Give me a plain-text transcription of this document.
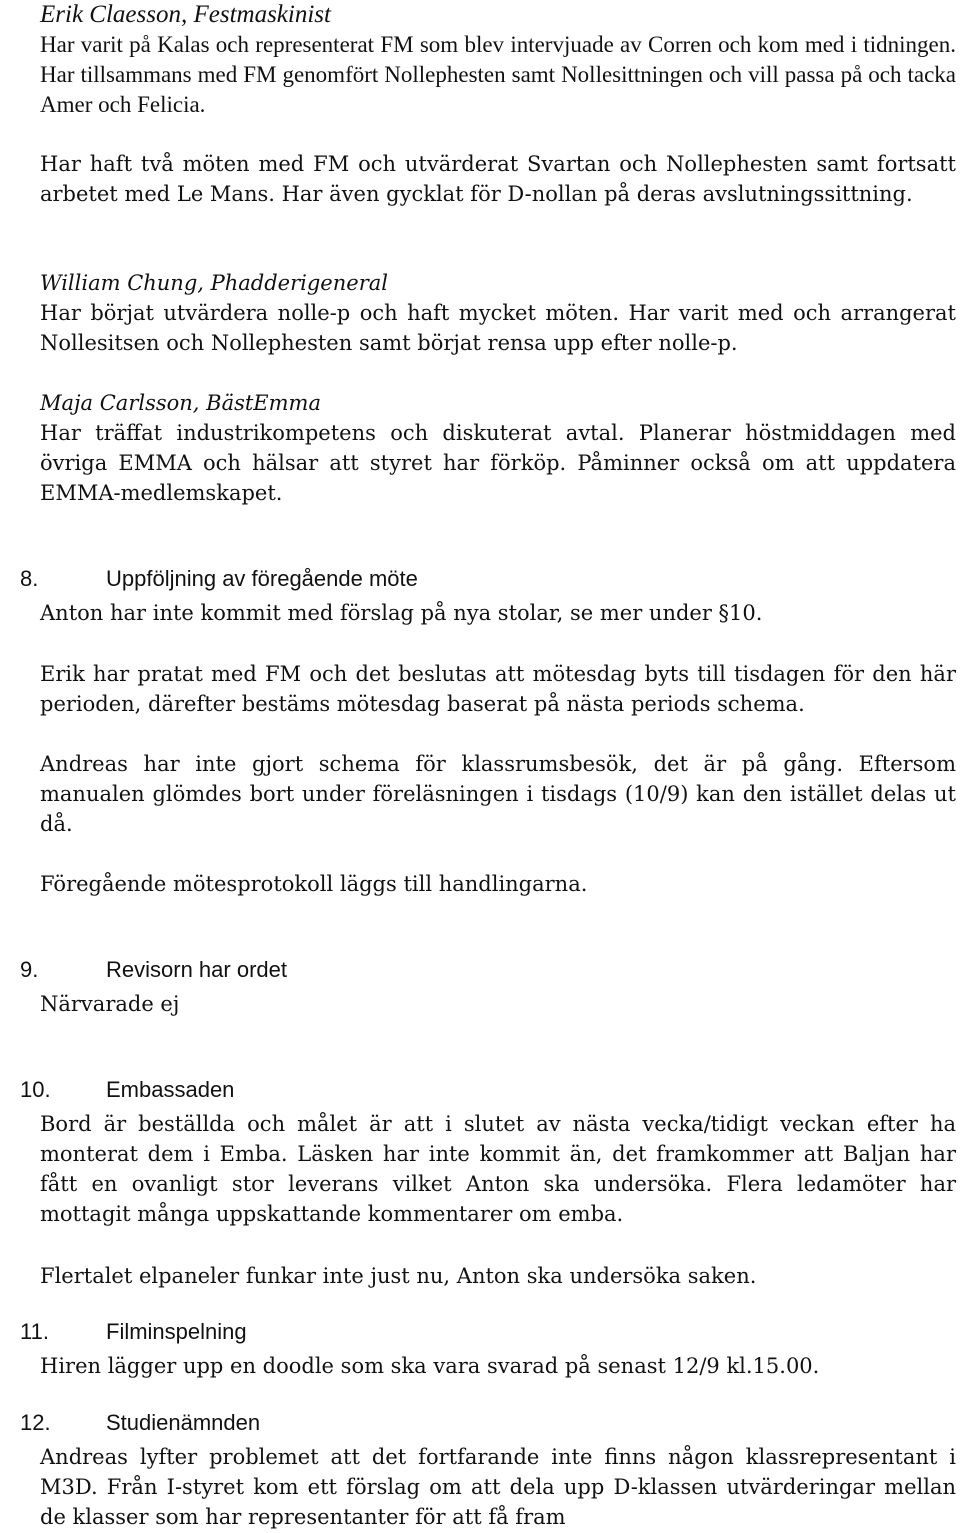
Erik Claesson, Festmaskinist

Har varit på Kalas och representerat FM som blev intervjuade av Corren och kom med i tidningen. Har tillsammans med FM genomfört Nollephesten samt Nollesittningen och vill passa på och tacka Amer och Felicia.

Har haft två möten med FM och utvärderat Svartan och Nollephesten samt fortsatt arbetet med Le Mans. Har även gycklat för D-nollan på deras avslutningssittning.

William Chung, Phadderigeneral

Har börjat utvärdera nolle-p och haft mycket möten. Har varit med och arrangerat Nollesitsen och Nollephesten samt börjat rensa upp efter nolle-p.

Maja Carlsson, BästEmma

Har träffat industrikompetens och diskuterat avtal. Planerar höstmiddagen med övriga EMMA och hälsar att styret har förköp. Påminner också om att uppdatera EMMA-medlemskapet.

8.	Uppföljning av föregående möte

Anton har inte kommit med förslag på nya stolar, se mer under §10.

Erik har pratat med FM och det beslutas att mötesdag byts till tisdagen för den här perioden, därefter bestäms mötesdag baserat på nästa periods schema.

Andreas har inte gjort schema för klassrumsbesök, det är på gång. Eftersom manualen glömdes bort under föreläsningen i tisdags (10/9) kan den istället delas ut då.

Föregående mötesprotokoll läggs till handlingarna.

9.	Revisorn har ordet

Närvarade ej

10.	Embassaden

Bord är beställda och målet är att i slutet av nästa vecka/tidigt veckan efter ha monterat dem i Emba. Läsken har inte kommit än, det framkommer att Baljan har fått en ovanligt stor leverans vilket Anton ska undersöka. Flera ledamöter har mottagit många uppskattande kommentarer om emba.

Flertalet elpaneler funkar inte just nu, Anton ska undersöka saken.

11.	Filminspelning

Hiren lägger upp en doodle som ska vara svarad på senast 12/9 kl.15.00.

12.	Studienämnden

Andreas lyfter problemet att det fortfarande inte finns någon klassrepresentant i M3D. Från I-styret kom ett förslag om att dela upp D-klassen utvärderingar mellan de klasser som har representanter för att få fram
